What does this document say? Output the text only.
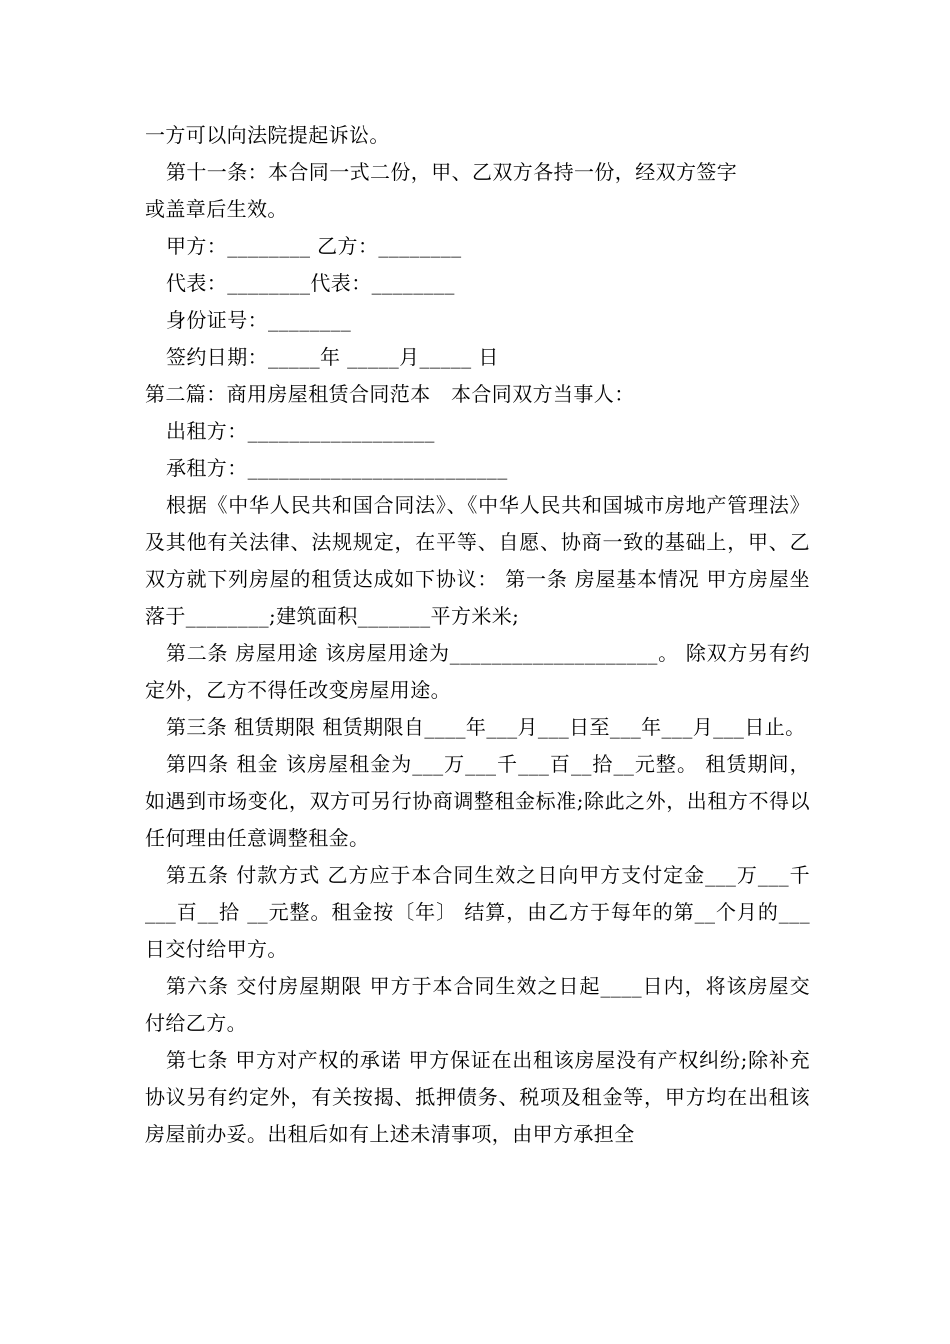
一方可以向法院提起诉讼。
第十一条：本合同一式二份，甲、乙双方各持一份，经双方签字
或盖章后生效。
甲方：________ 乙方：________
代表：________代表：________
身份证号：________
签约日期：_____年 _____月_____ 日
第二篇：商用房屋租赁合同范本　本合同双方当事人：
出租方：__________________
承租方：_________________________
根据《中华人民共和国合同法》、《中华人民共和国城市房地产管理法》及其他有关法律、法规规定，在平等、自愿、协商一致的基础上，甲、乙双方就下列房屋的租赁达成如下协议： 第一条 房屋基本情况 甲方房屋坐落于________;建筑面积_______平方米米;
第二条 房屋用途 该房屋用途为____________________。 除双方另有约定外，乙方不得任改变房屋用途。
第三条 租赁期限 租赁期限自____年___月___日至___年___月___日止。
第四条 租金 该房屋租金为___万___千___百__拾__元整。 租赁期间，如遇到市场变化，双方可另行协商调整租金标准;除此之外，出租方不得以任何理由任意调整租金。
第五条 付款方式 乙方应于本合同生效之日向甲方支付定金___万___千___百__拾 __元整。租金按〔年〕 结算，由乙方于每年的第__个月的___日交付给甲方。
第六条 交付房屋期限 甲方于本合同生效之日起____日内，将该房屋交付给乙方。
第七条 甲方对产权的承诺 甲方保证在出租该房屋没有产权纠纷;除补充协议另有约定外，有关按揭、抵押债务、税项及租金等，甲方均在出租该房屋前办妥。出租后如有上述未清事项，由甲方承担全
